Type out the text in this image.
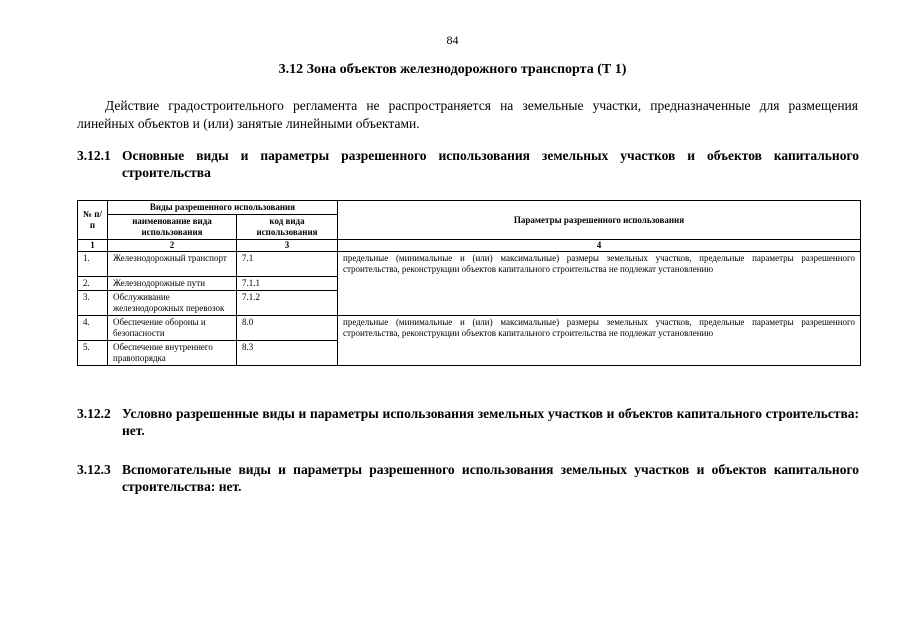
84
3.12 Зона объектов железнодорожного транспорта (Т 1)

Действие градостроительного регламента не распространяется на земельные участки, предназначенные для размещения линейных объектов и (или) занятые линейными объектами.

3.12.1 Основные виды и параметры разрешенного использования земельных участков и объектов капитального строительства
№ п/п	Виды разрешенного использования		Параметры разрешенного использования
	наименование вида использования	код вида использования	
1	2	3	4
1.	Железнодорожный транспорт	7.1	предельные (минимальные и (или) максимальные) размеры земельных участков, предельные параметры разрешенного строительства, реконструкции объектов капитального строительства не подлежат установлению
2.	Железнодорожные пути	7.1.1	
3.	Обслуживание железнодорожных перевозок	7.1.2	
4.	Обеспечение обороны и безопасности	8.0	предельные (минимальные и (или) максимальные) размеры земельных участков, предельные параметры разрешенного строительства, реконструкции объектов капитального строительства не подлежат установлению
5.	Обеспечение внутреннего правопорядка	8.3	
3.12.2 Условно разрешенные виды и параметры использования земельных участков и объектов капитального строительства: нет.
3.12.3 Вспомогательные виды и параметры разрешенного использования земельных участков и объектов капитального строительства: нет.
